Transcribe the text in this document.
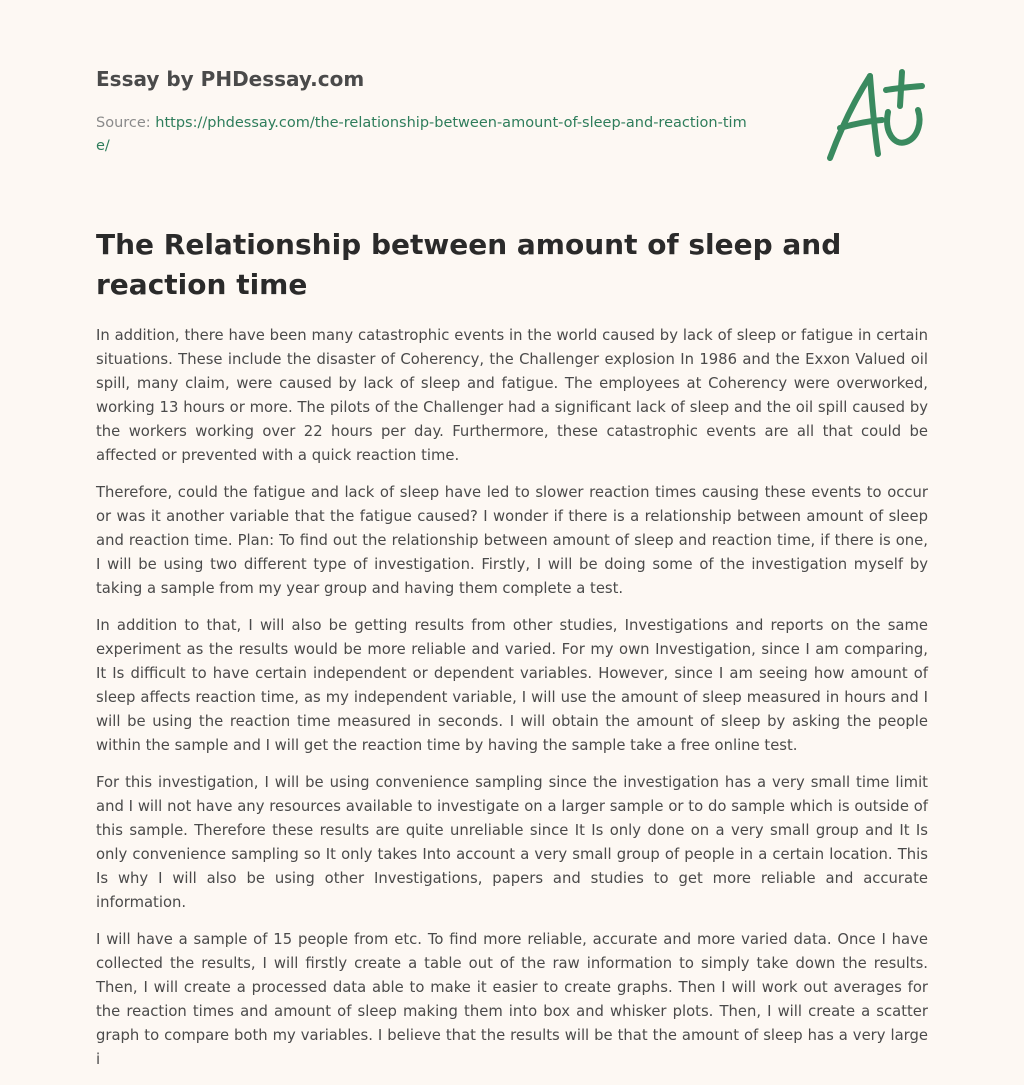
Essay by PHDessay.com
Source: https://phdessay.com/the-relationship-between-amount-of-sleep-and-reaction-time/
The Relationship between amount of sleep and reaction time

In addition, there have been many catastrophic events in the world caused by lack of sleep or fatigue in certain situations. These include the disaster of Coherency, the Challenger explosion In 1986 and the Exxon Valued oil spill, many claim, were caused by lack of sleep and fatigue. The employees at Coherency were overworked, working 13 hours or more. The pilots of the Challenger had a significant lack of sleep and the oil spill caused by the workers working over 22 hours per day. Furthermore, these catastrophic events are all that could be affected or prevented with a quick reaction time.

Therefore, could the fatigue and lack of sleep have led to slower reaction times causing these events to occur or was it another variable that the fatigue caused? I wonder if there is a relationship between amount of sleep and reaction time. Plan: To find out the relationship between amount of sleep and reaction time, if there is one, I will be using two different type of investigation. Firstly, I will be doing some of the investigation myself by taking a sample from my year group and having them complete a test.

In addition to that, I will also be getting results from other studies, Investigations and reports on the same experiment as the results would be more reliable and varied. For my own Investigation, since I am comparing, It Is difficult to have certain independent or dependent variables. However, since I am seeing how amount of sleep affects reaction time, as my independent variable, I will use the amount of sleep measured in hours and I will be using the reaction time measured in seconds. I will obtain the amount of sleep by asking the people within the sample and I will get the reaction time by having the sample take a free online test.

For this investigation, I will be using convenience sampling since the investigation has a very small time limit and I will not have any resources available to investigate on a larger sample or to do sample which is outside of this sample. Therefore these results are quite unreliable since It Is only done on a very small group and It Is only convenience sampling so It only takes Into account a very small group of people in a certain location. This Is why I will also be using other Investigations, papers and studies to get more reliable and accurate information.

I will have a sample of 15 people from etc. To find more reliable, accurate and more varied data. Once I have collected the results, I will firstly create a table out of the raw information to simply take down the results. Then, I will create a processed data able to make it easier to create graphs. Then I will work out averages for the reaction times and amount of sleep making them into box and whisker plots. Then, I will create a scatter graph to compare both my variables. I believe that the results will be that the amount of sleep has a very large i
